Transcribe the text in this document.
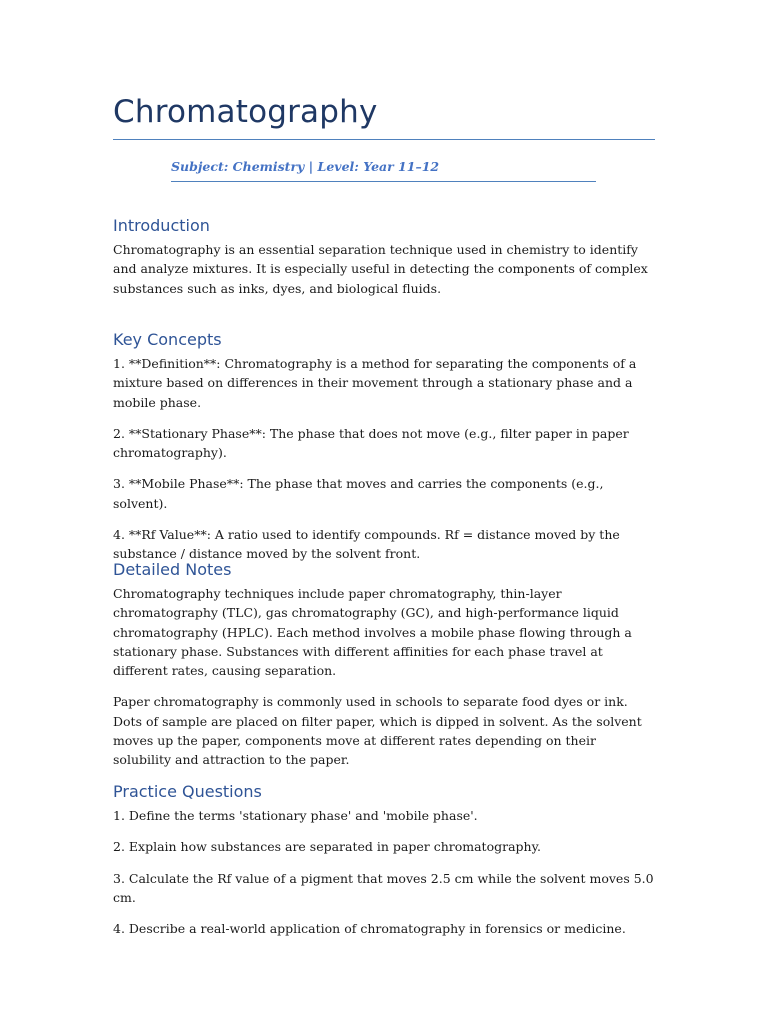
Chromatography
Subject: Chemistry | Level: Year 11–12
Introduction

Chromatography is an essential separation technique used in chemistry to identify and analyze mixtures. It is especially useful in detecting the components of complex substances such as inks, dyes, and biological fluids.

Key Concepts

1. **Definition**: Chromatography is a method for separating the components of a mixture based on differences in their movement through a stationary phase and a mobile phase.

2. **Stationary Phase**: The phase that does not move (e.g., filter paper in paper chromatography).

3. **Mobile Phase**: The phase that moves and carries the components (e.g., solvent).

4. **Rf Value**: A ratio used to identify compounds. Rf = distance moved by the substance / distance moved by the solvent front.

Detailed Notes

Chromatography techniques include paper chromatography, thin-layer chromatography (TLC), gas chromatography (GC), and high-performance liquid chromatography (HPLC). Each method involves a mobile phase flowing through a stationary phase. Substances with different affinities for each phase travel at different rates, causing separation.

Paper chromatography is commonly used in schools to separate food dyes or ink. Dots of sample are placed on filter paper, which is dipped in solvent. As the solvent moves up the paper, components move at different rates depending on their solubility and attraction to the paper.

Practice Questions

1. Define the terms 'stationary phase' and 'mobile phase'.

2. Explain how substances are separated in paper chromatography.

3. Calculate the Rf value of a pigment that moves 2.5 cm while the solvent moves 5.0 cm.

4. Describe a real-world application of chromatography in forensics or medicine.
